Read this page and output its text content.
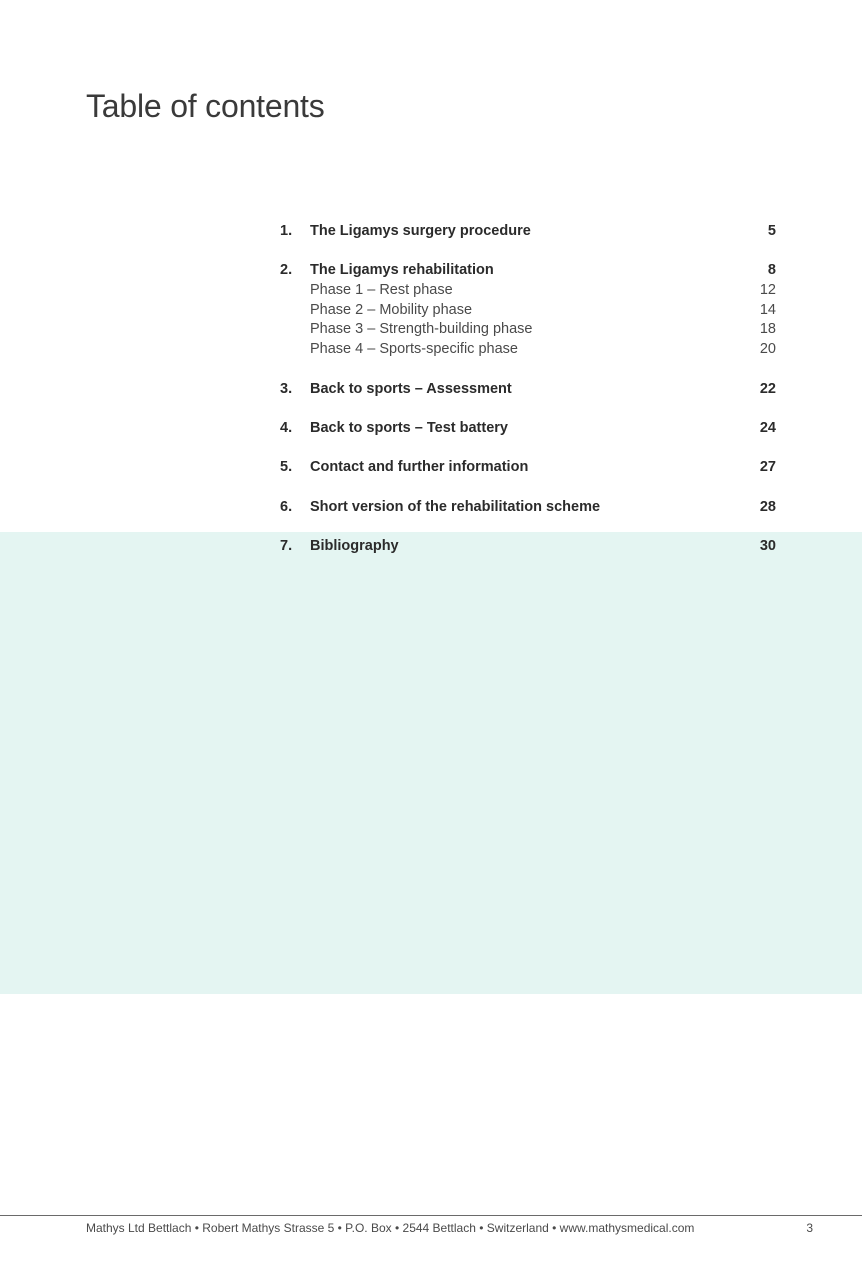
Table of contents
1. The Ligamys surgery procedure	5
2. The Ligamys rehabilitation	8
Phase 1 – Rest phase	12
Phase 2 – Mobility phase	14
Phase 3 – Strength-building phase	18
Phase 4 – Sports-specific phase	20
3. Back to sports – Assessment	22
4. Back to sports – Test battery	24
5. Contact and further information	27
6. Short version of the rehabilitation scheme	28
7. Bibliography	30
Mathys Ltd Bettlach • Robert Mathys Strasse 5 • P.O. Box • 2544 Bettlach • Switzerland • www.mathysmedical.com	3
